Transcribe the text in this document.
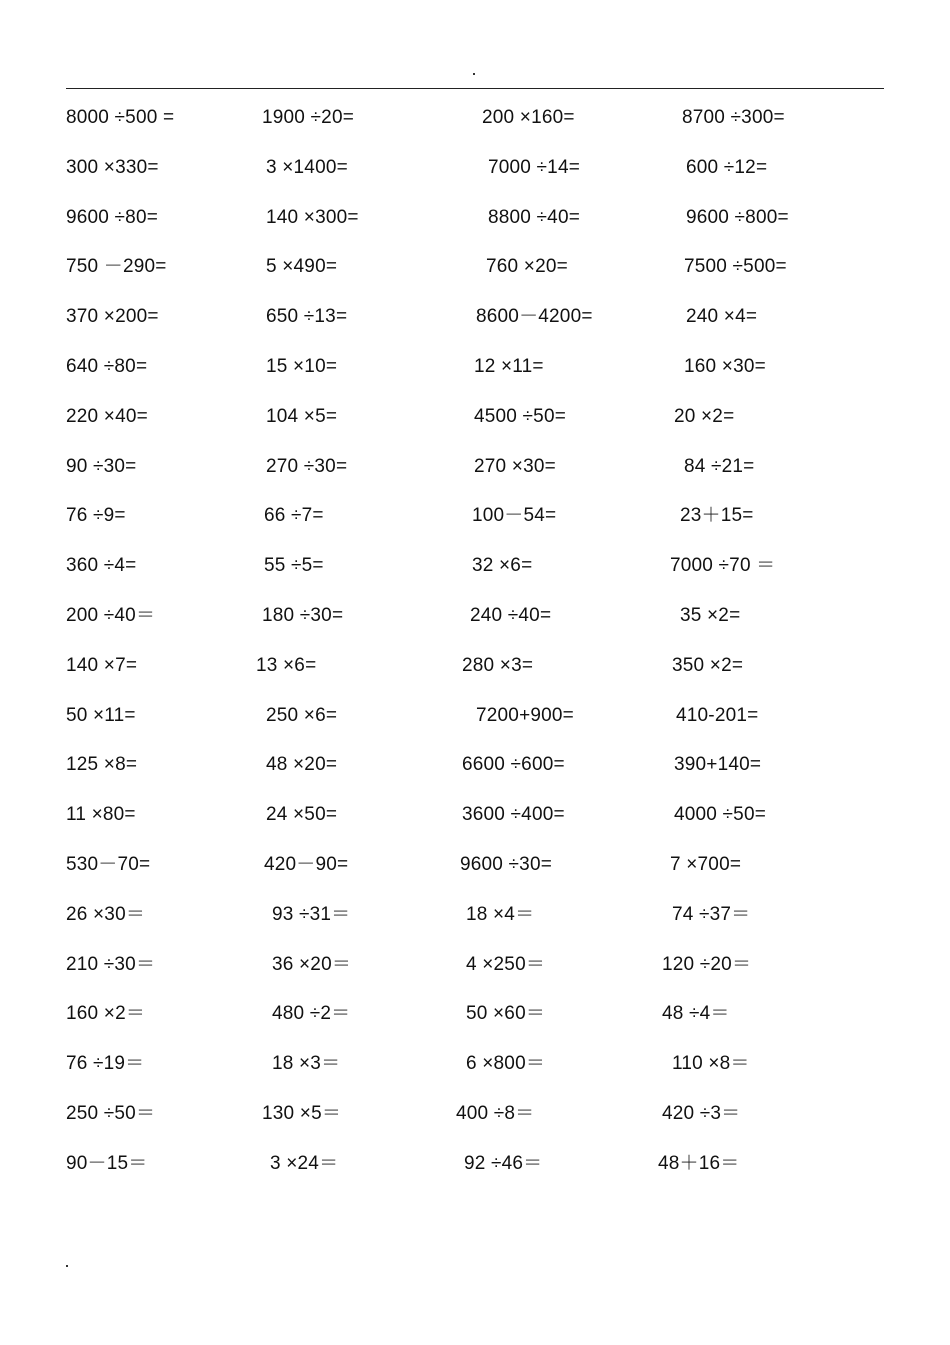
8000 ÷500 =	1900 ÷20=	200 ×160=	8700 ÷300=
300 ×330=	3 ×1400=	7000 ÷14=	600 ÷12=
9600 ÷80=	140 ×300=	8800 ÷40=	9600 ÷800=
750 －290=	5 ×490=	760 ×20=	7500 ÷500=
370 ×200=	650 ÷13=	8600－4200=	240 ×4=
640 ÷80=	15 ×10=	12 ×11=	160 ×30=
220 ×40=	104 ×5=	4500 ÷50=	20 ×2=
90 ÷30=	270 ÷30=	270 ×30=	84 ÷21=
76 ÷9=	66 ÷7=	100－54=	23＋15=
360 ÷4=	55 ÷5=	32 ×6=	7000 ÷70 ＝
200 ÷40＝	180 ÷30=	240 ÷40=	35 ×2=
140 ×7=	13 ×6=	280 ×3=	350 ×2=
50 ×11=	250 ×6=	7200+900=	410-201=
125 ×8=	48 ×20=	6600 ÷600=	390+140=
11 ×80=	24 ×50=	3600 ÷400=	4000 ÷50=
530－70=	420－90=	9600 ÷30=	7 ×700=
26 ×30＝	93 ÷31＝	18 ×4＝	74 ÷37＝
210 ÷30＝	36 ×20＝	4 ×250＝	120 ÷20＝
160 ×2＝	480 ÷2＝	50 ×60＝	48 ÷4＝
76 ÷19＝	18 ×3＝	6 ×800＝	110 ×8＝
250 ÷50＝	130 ×5＝	400 ÷8＝	420 ÷3＝
90－15＝	3 ×24＝	92 ÷46＝	48＋16＝
